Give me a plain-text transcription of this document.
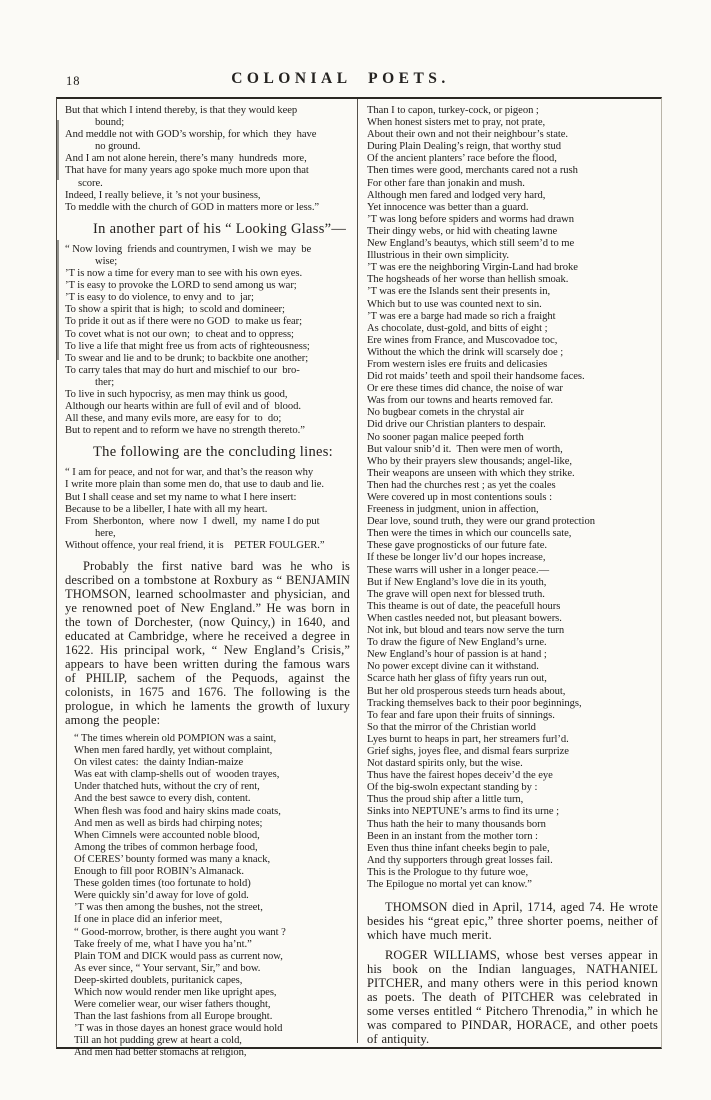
18	COLONIAL POETS.
But that which I intend thereby, is that they would keep
bound;
And meddle not with GOD’s worship, for which  they  have
no ground.
And I am not alone herein, there’s many  hundreds  more,
That have for many years ago spoke much more upon that
score.
Indeed, I really believe, it ’s not your business,
To meddle with the church of GOD in matters more or less.”
In another part of his “ Looking Glass”—
“ Now loving  friends and countrymen, I wish we  may  be
wise;
’T is now a time for every man to see with his own eyes.
’T is easy to provoke the LORD to send among us war;
’T is easy to do violence, to envy and  to  jar;
To show a spirit that is high;  to scold and domineer;
To pride it out as if there were no GOD  to make us fear;
To covet what is not our own;  to cheat and to oppress;
To live a life that might free us from acts of righteousness;
To swear and lie and to be drunk; to backbite one another;
To carry tales that may do hurt and mischief to our  bro-
ther;
To live in such hypocrisy, as men may think us good,
Although our hearts within are full of evil and of  blood.
All these, and many evils more, are easy for  to  do;
But to repent and to reform we have no strength thereto.”
The following are the concluding lines:
“ I am for peace, and not for war, and that’s the reason why
I write more plain than some men do, that use to daub and lie.
But I shall cease and set my name to what I here insert:
Because to be a libeller, I hate with all my heart.
From  Sherbonton,  where  now  I  dwell,  my  name I do put
here,
Without offence, your real friend, it is  PETER FOULGER.”

Probably the first native bard was he who is described on a tombstone at Roxbury as “ BENJAMIN THOMSON, learned schoolmaster and physician, and ye renowned poet of New England.” He was born in the town of Dorchester, (now Quincy,) in 1640, and educated at Cambridge, where he received a degree in 1622. His principal work, “ New England’s Crisis,” appears to have been written during the famous wars of PHILIP, sachem of the Pequods, against the colonists, in 1675 and 1676. The following is the prologue, in which he laments the growth of luxury among the people:

“ The times wherein old POMPION was a saint,
When men fared hardly, yet without complaint,
On vilest cates:  the dainty Indian-maize
Was eat with clamp-shells out of  wooden trayes,
Under thatched huts, without the cry of rent,
And the best sawce to every dish, content.
When flesh was food and hairy skins made coats,
And men as well as birds had chirping notes;
When Cimnels were accounted noble blood,
Among the tribes of common herbage food,
Of CERES’ bounty formed was many a knack,
Enough to fill poor ROBIN’s Almanack.
These golden times (too fortunate to hold)
Were quickly sin’d away for love of gold.
’T was then among the bushes, not the street,
If one in place did an inferior meet,
“ Good-morrow, brother, is there aught you want ?
Take freely of me, what I have you ha’nt.”
Plain TOM and DICK would pass as current now,
As ever since, “ Your servant, Sir,” and bow.
Deep-skirted doublets, puritanick capes,
Which now would render men like upright apes,
Were comelier wear, our wiser fathers thought,
Than the last fashions from all Europe brought.
’T was in those dayes an honest grace would hold
Till an hot pudding grew at heart a cold,
And men had better stomachs at religion,
Than I to capon, turkey-cock, or pigeon ;
When honest sisters met to pray, not prate,
About their own and not their neighbour’s state.
During Plain Dealing’s reign, that worthy stud
Of the ancient planters’ race before the flood,
Then times were good, merchants cared not a rush
For other fare than jonakin and mush.
Although men fared and lodged very hard,
Yet innocence was better than a guard.
’T was long before spiders and worms had drawn
Their dingy webs, or hid with cheating lawne
New England’s beautys, which still seem’d to me
Illustrious in their own simplicity.
’T was ere the neighboring Virgin-Land had broke
The hogsheads of her worse than hellish smoak.
’T was ere the Islands sent their presents in,
Which but to use was counted next to sin.
’T was ere a barge had made so rich a fraight
As chocolate, dust-gold, and bitts of eight ;
Ere wines from France, and Muscovadoe toc,
Without the which the drink will scarsely doe ;
From western isles ere fruits and delicasies
Did rot maids’ teeth and spoil their handsome faces.
Or ere these times did chance, the noise of war
Was from our towns and hearts removed far.
No bugbear comets in the chrystal air
Did drive our Christian planters to despair.
No sooner pagan malice peeped forth
But valour snib’d it. Then were men of worth,
Who by their prayers slew thousands; angel-like,
Their weapons are unseen with which they strike.
Then had the churches rest ; as yet the coales
Were covered up in most contentions souls :
Freeness in judgment, union in affection,
Dear love, sound truth, they were our grand protection
Then were the times in which our councells sate,
These gave prognosticks of our future fate.
If these be longer liv’d our hopes increase,
These warrs will usher in a longer peace.—
But if New England’s love die in its youth,
The grave will open next for blessed truth.
This theame is out of date, the peacefull hours
When castles needed not, but pleasant bowers.
Not ink, but bloud and tears now serve the turn
To draw the figure of New England’s urne.
New England’s hour of passion is at hand ;
No power except divine can it withstand.
Scarce hath her glass of fifty years run out,
But her old prosperous steeds turn heads about,
Tracking themselves back to their poor beginnings,
To fear and fare upon their fruits of sinnings.
So that the mirror of the Christian world
Lyes burnt to heaps in part, her streamers furl’d.
Grief sighs, joyes flee, and dismal fears surprize
Not dastard spirits only, but the wise.
Thus have the fairest hopes deceiv’d the eye
Of the big-swoln expectant standing by :
Thus the proud ship after a little turn,
Sinks into NEPTUNE’s arms to find its urne ;
Thus hath the heir to many thousands born
Been in an instant from the mother torn :
Even thus thine infant cheeks begin to pale,
And thy supporters through great losses fail.
This is the Prologue to thy future woe,
The Epilogue no mortal yet can know.”

THOMSON died in April, 1714, aged 74. He wrote besides his “great epic,” three shorter poems, neither of which have much merit.

ROGER WILLIAMS, whose best verses appear in his book on the Indian languages, NATHANIEL PITCHER, and many others were in this period known as poets. The death of PITCHER was celebrated in some verses entitled “ Pitchero Threnodia,” in which he was compared to PINDAR, HORACE, and other poets of antiquity.
